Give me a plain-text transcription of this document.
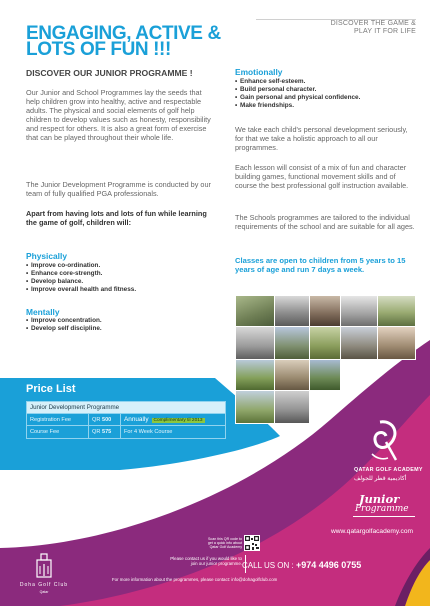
DISCOVER THE GAME &
PLAY IT FOR LIFE
ENGAGING, ACTIVE &
LOTS OF FUN !!!
DISCOVER OUR JUNIOR PROGRAMME !
Our Junior and School Programmes lay the seeds that help children grow into healthy, active and respectable adults. The physical and social elements of golf help children to develop values such as honesty, responsibility and respect for others. It is also a great form of exercise that can be played throughout their whole life.
The Junior Development Programme is conducted by our team of fully qualified PGA professionals.
Apart from having lots and lots of fun while learning the game of golf, children will:
Physically
• Improve co-ordination.
• Enhance core-strength.
• Develop balance.
• Improve overall health and fitness.
Mentally
• Improve concentration.
• Develop self discipline.
Emotionally
• Enhance self-esteem.
• Build personal character.
• Gain personal and physical confidence.
• Make friendships.
We take each child's personal development seriously, for that we take a holistic approach to all our programmes.
Each lesson will consist of a mix of fun and character building games, functional movement skills and of course the best professional golf instruction available.
The Schools programmes are tailored to the individual requirements of the school and are suitable for all ages.
Classes are open to children from 5 years to 15 years of age and run 7 days a week.
Price List
Junior Development Programme		
Registration Fee	QR 500	Annually Complimentary til 2013
Course Fee	QR 575	For 4 Week Course
QATAR GOLF ACADEMY
أكاديمية قطر للجولف
Junior
Programme
www.qatargolfacademy.com
Doha Golf Club
Qatar
Scan this QR code to get a quick info about Qatar Golf Academy
Please contact us if you would like to join our junior programme. CALL US ON : +974 4496 0755
For more information about the programmes, please contact: info@dohagolfclub.com
